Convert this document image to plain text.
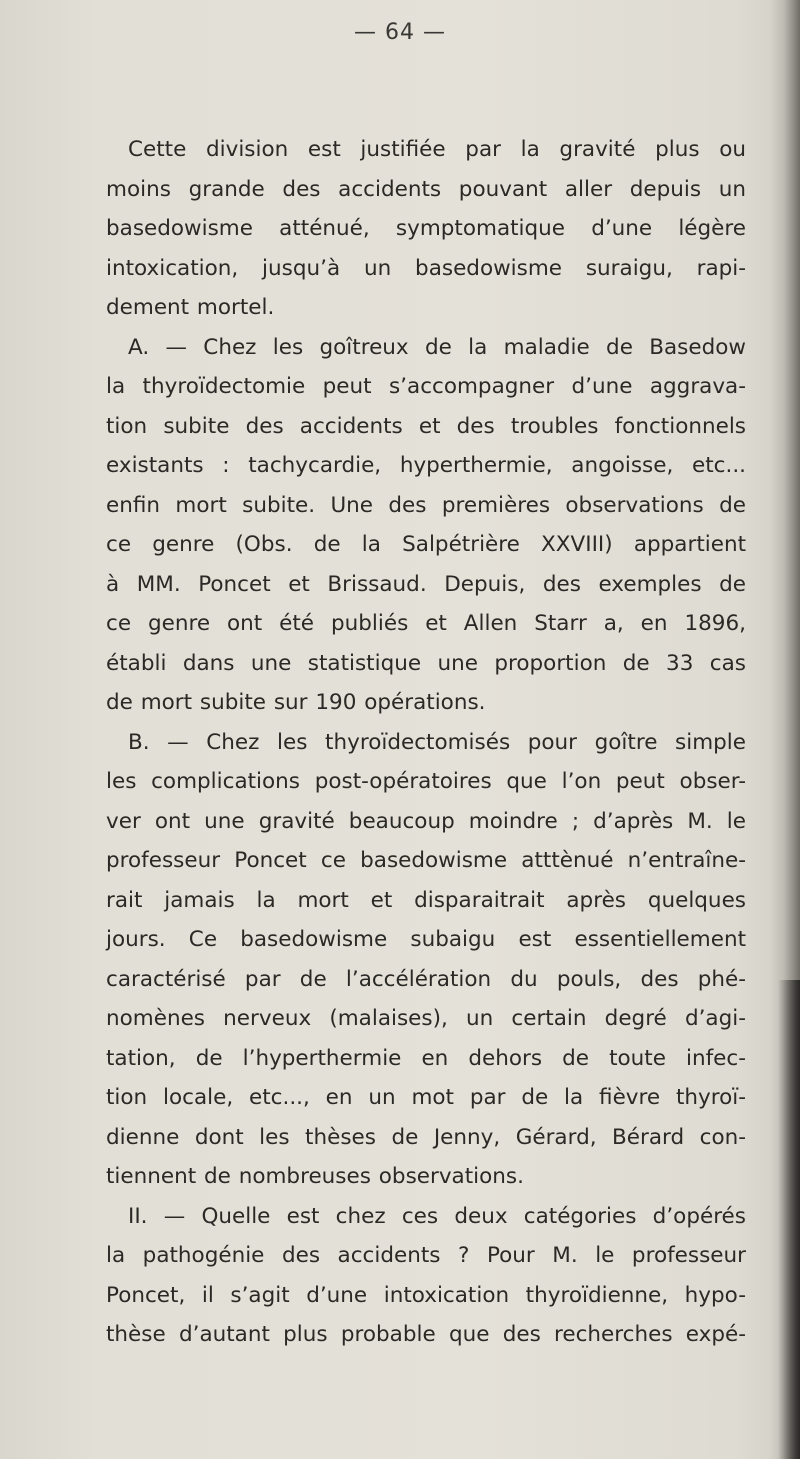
— 64 —

Cette division est justifiée par la gravité plus ou
moins grande des accidents pouvant aller depuis un
basedowisme atténué, symptomatique d’une légère
intoxication, jusqu’à un basedowisme suraigu, rapi-
dement mortel.

A. — Chez les goîtreux de la maladie de Basedow
la thyroïdectomie peut s’accompagner d’une aggrava-
tion subite des accidents et des troubles fonctionnels
existants : tachycardie, hyperthermie, angoisse, etc...
enfin mort subite. Une des premières observations de
ce genre (Obs. de la Salpétrière XXVIII) appartient
à MM. Poncet et Brissaud. Depuis, des exemples de
ce genre ont été publiés et Allen Starr a, en 1896,
établi dans une statistique une proportion de 33 cas
de mort subite sur 190 opérations.

B. — Chez les thyroïdectomisés pour goître simple
les complications post-opératoires que l’on peut obser-
ver ont une gravité beaucoup moindre ; d’après M. le
professeur Poncet ce basedowisme atttènué n’entraîne-
rait jamais la mort et disparaitrait après quelques
jours. Ce basedowisme subaigu est essentiellement
caractérisé par de l’accélération du pouls, des phé-
nomènes nerveux (malaises), un certain degré d’agi-
tation, de l’hyperthermie en dehors de toute infec-
tion locale, etc..., en un mot par de la fièvre thyroï-
dienne dont les thèses de Jenny, Gérard, Bérard con-
tiennent de nombreuses observations.

II. — Quelle est chez ces deux catégories d’opérés
la pathogénie des accidents ? Pour M. le professeur
Poncet, il s’agit d’une intoxication thyroïdienne, hypo-
thèse d’autant plus probable que des recherches expé-
